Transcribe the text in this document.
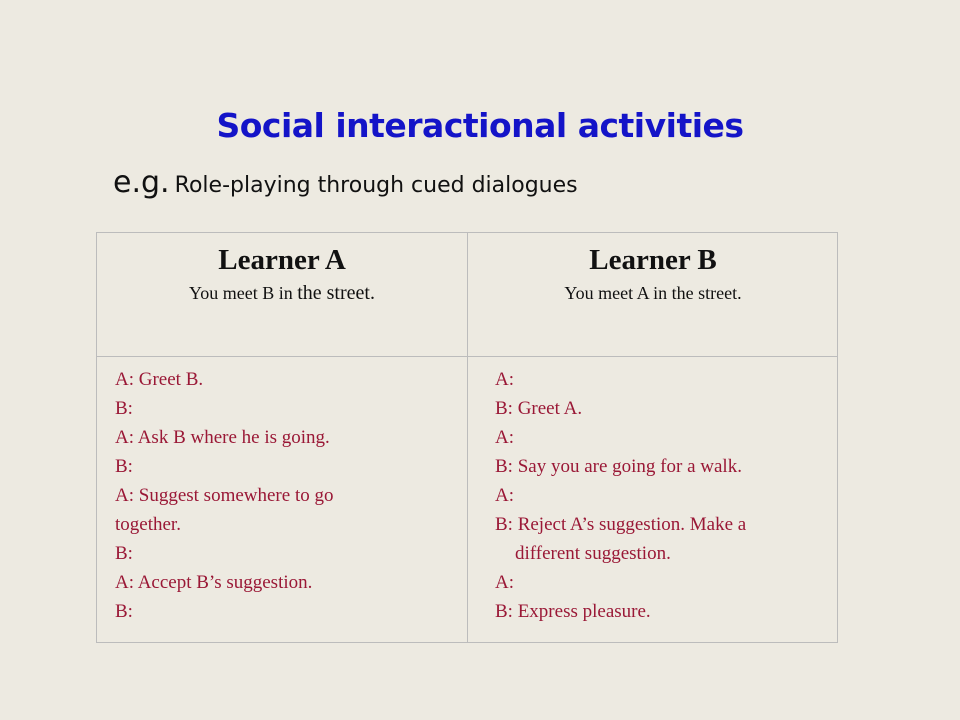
Social interactional activities
e.g. Role-playing through cued dialogues
Learner A
You meet B in the street.
Learner B
You meet A in the street.
A: Greet B.
B:
A: Ask B where he is going.
B:
A: Suggest somewhere to go
together.
B:
A: Accept B’s suggestion.
B:
A:
B: Greet A.
A:
B: Say you are going for a walk.
A:
B: Reject A’s suggestion. Make a
different suggestion.
A:
B: Express pleasure.
